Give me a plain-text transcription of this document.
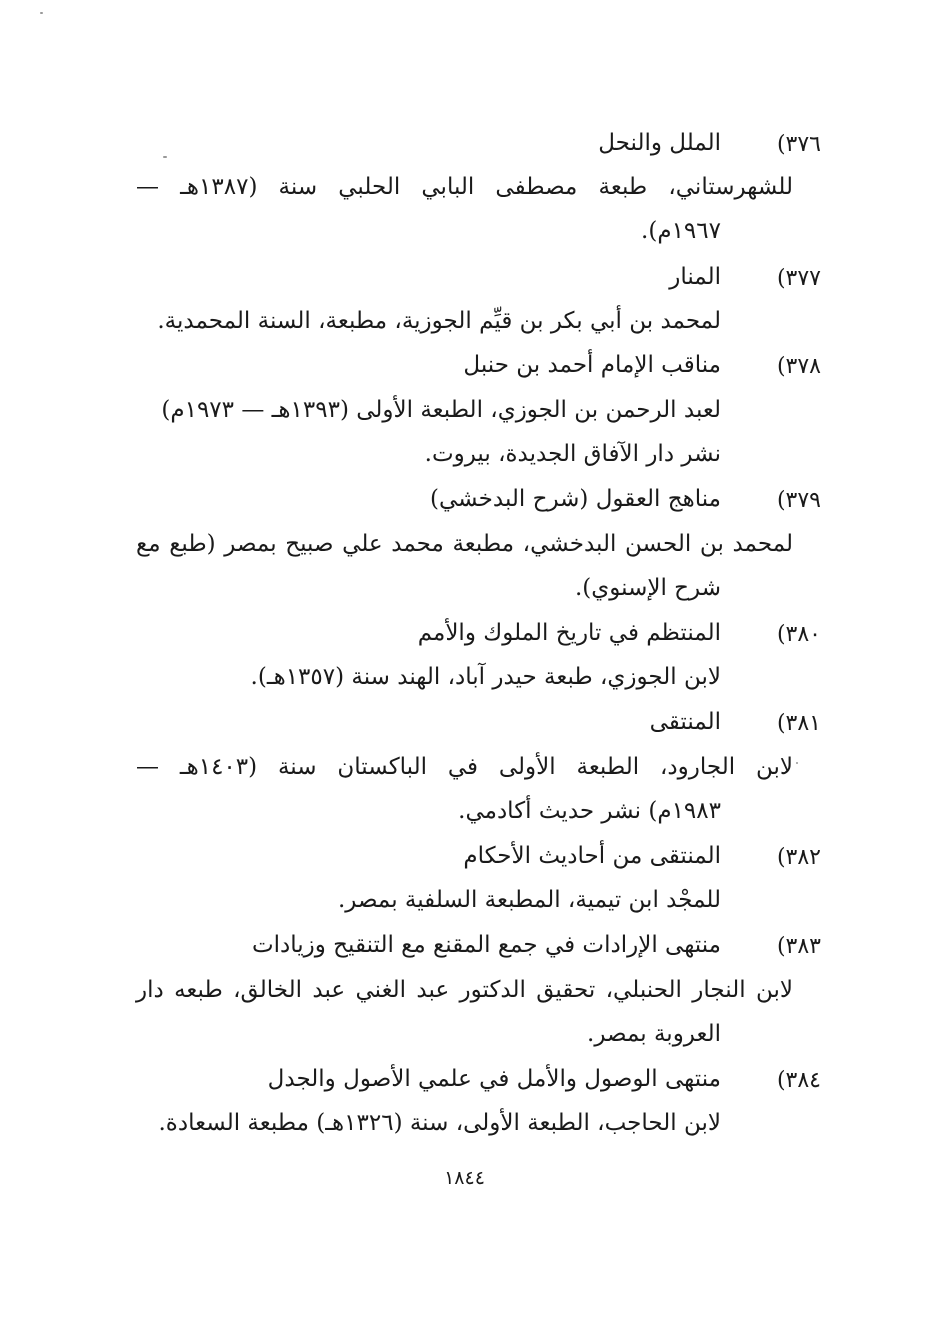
٣٧٦)
الملل والنحل
للشهرستاني، طبعة مصطفى البابي الحلبي سنة (١٣٨٧هـ —
١٩٦٧م).
٣٧٧)
المنار
لمحمد بن أبي بكر بن قيِّم الجوزية، مطبعة، السنة المحمدية.
٣٧٨)
مناقب الإمام أحمد بن حنبل
لعبد الرحمن بن الجوزي، الطبعة الأولى (١٣٩٣هـ — ١٩٧٣م)
نشر دار الآفاق الجديدة، بيروت.
٣٧٩)
مناهج العقول (شرح البدخشي)
لمحمد بن الحسن البدخشي، مطبعة محمد علي صبيح بمصر (طبع مع
شرح الإسنوي).
٣٨٠)
المنتظم في تاريخ الملوك والأمم
لابن الجوزي، طبعة حيدر آباد، الهند سنة (١٣٥٧هـ).
٣٨١)
المنتقى
لابن الجارود، الطبعة الأولى في الباكستان سنة (١٤٠٣هـ —
١٩٨٣م) نشر حديث أكادمي.
٣٨٢)
المنتقى من أحاديث الأحكام
للمجْد ابن تيمية، المطبعة السلفية بمصر.
٣٨٣)
منتهى الإرادات في جمع المقنع مع التنقيح وزيادات
لابن النجار الحنبلي، تحقيق الدكتور عبد الغني عبد الخالق، طبعه دار
العروبة بمصر.
٣٨٤)
منتهى الوصول والأمل في علمي الأصول والجدل
لابن الحاجب، الطبعة الأولى، سنة (١٣٢٦هـ) مطبعة السعادة.
١٨٤٤
